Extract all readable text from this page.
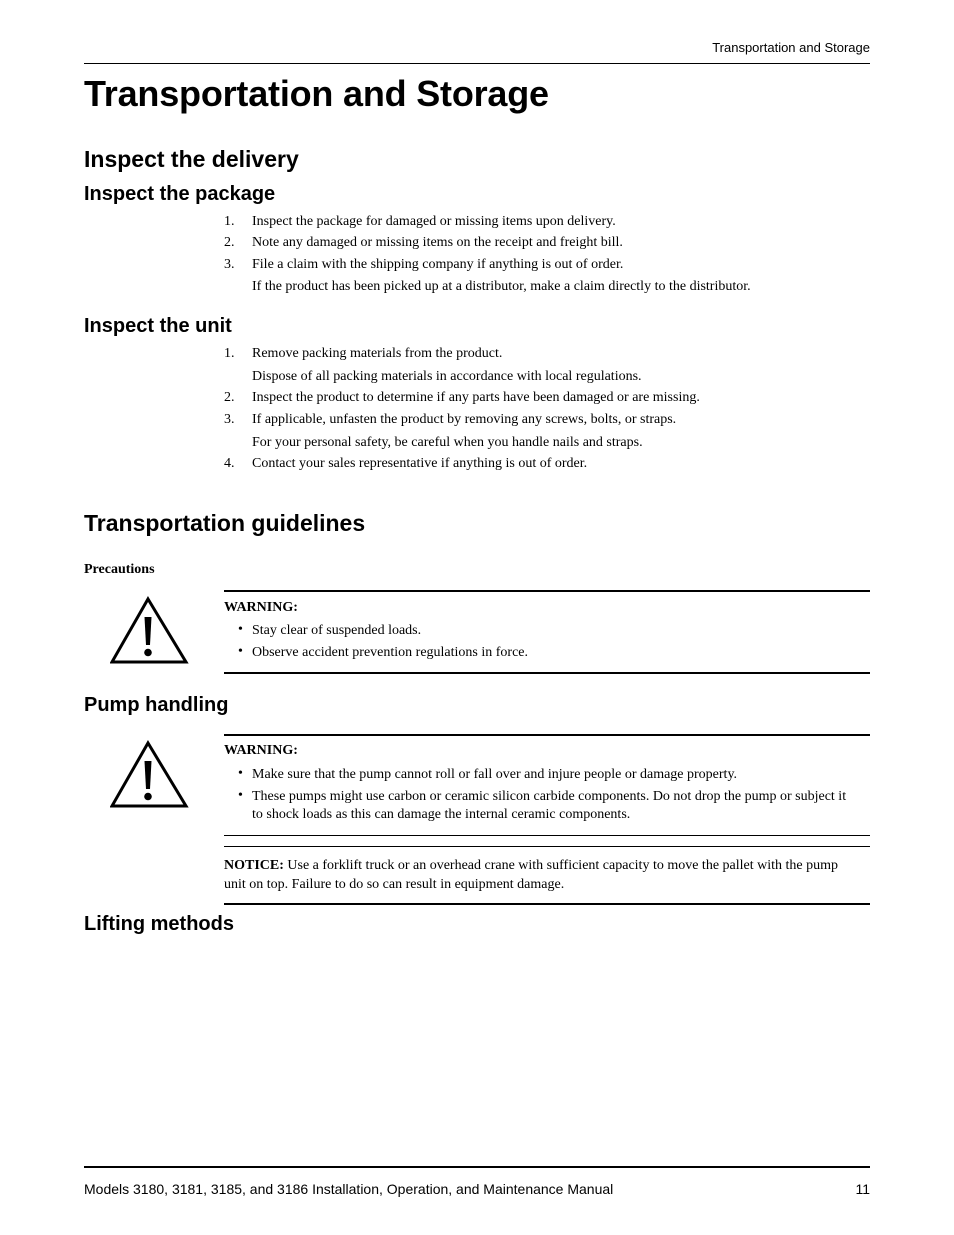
Transportation and Storage
Transportation and Storage
Inspect the delivery
Inspect the package
1.	Inspect the package for damaged or missing items upon delivery.
2.	Note any damaged or missing items on the receipt and freight bill.
3.	File a claim with the shipping company if anything is out of order.
If the product has been picked up at a distributor, make a claim directly to the distributor.
Inspect the unit
1.	Remove packing materials from the product.
Dispose of all packing materials in accordance with local regulations.
2.	Inspect the product to determine if any parts have been damaged or are missing.
3.	If applicable, unfasten the product by removing any screws, bolts, or straps.
For your personal safety, be careful when you handle nails and straps.
4.	Contact your sales representative if anything is out of order.
Transportation guidelines
Precautions
WARNING:
• Stay clear of suspended loads.
• Observe accident prevention regulations in force.
Pump handling
WARNING:
• Make sure that the pump cannot roll or fall over and injure people or damage property.
• These pumps might use carbon or ceramic silicon carbide components. Do not drop the pump or subject it to shock loads as this can damage the internal ceramic components.
NOTICE: Use a forklift truck or an overhead crane with sufficient capacity to move the pallet with the pump unit on top. Failure to do so can result in equipment damage.
Lifting methods
Models 3180, 3181, 3185, and 3186 Installation, Operation, and Maintenance Manual	11
